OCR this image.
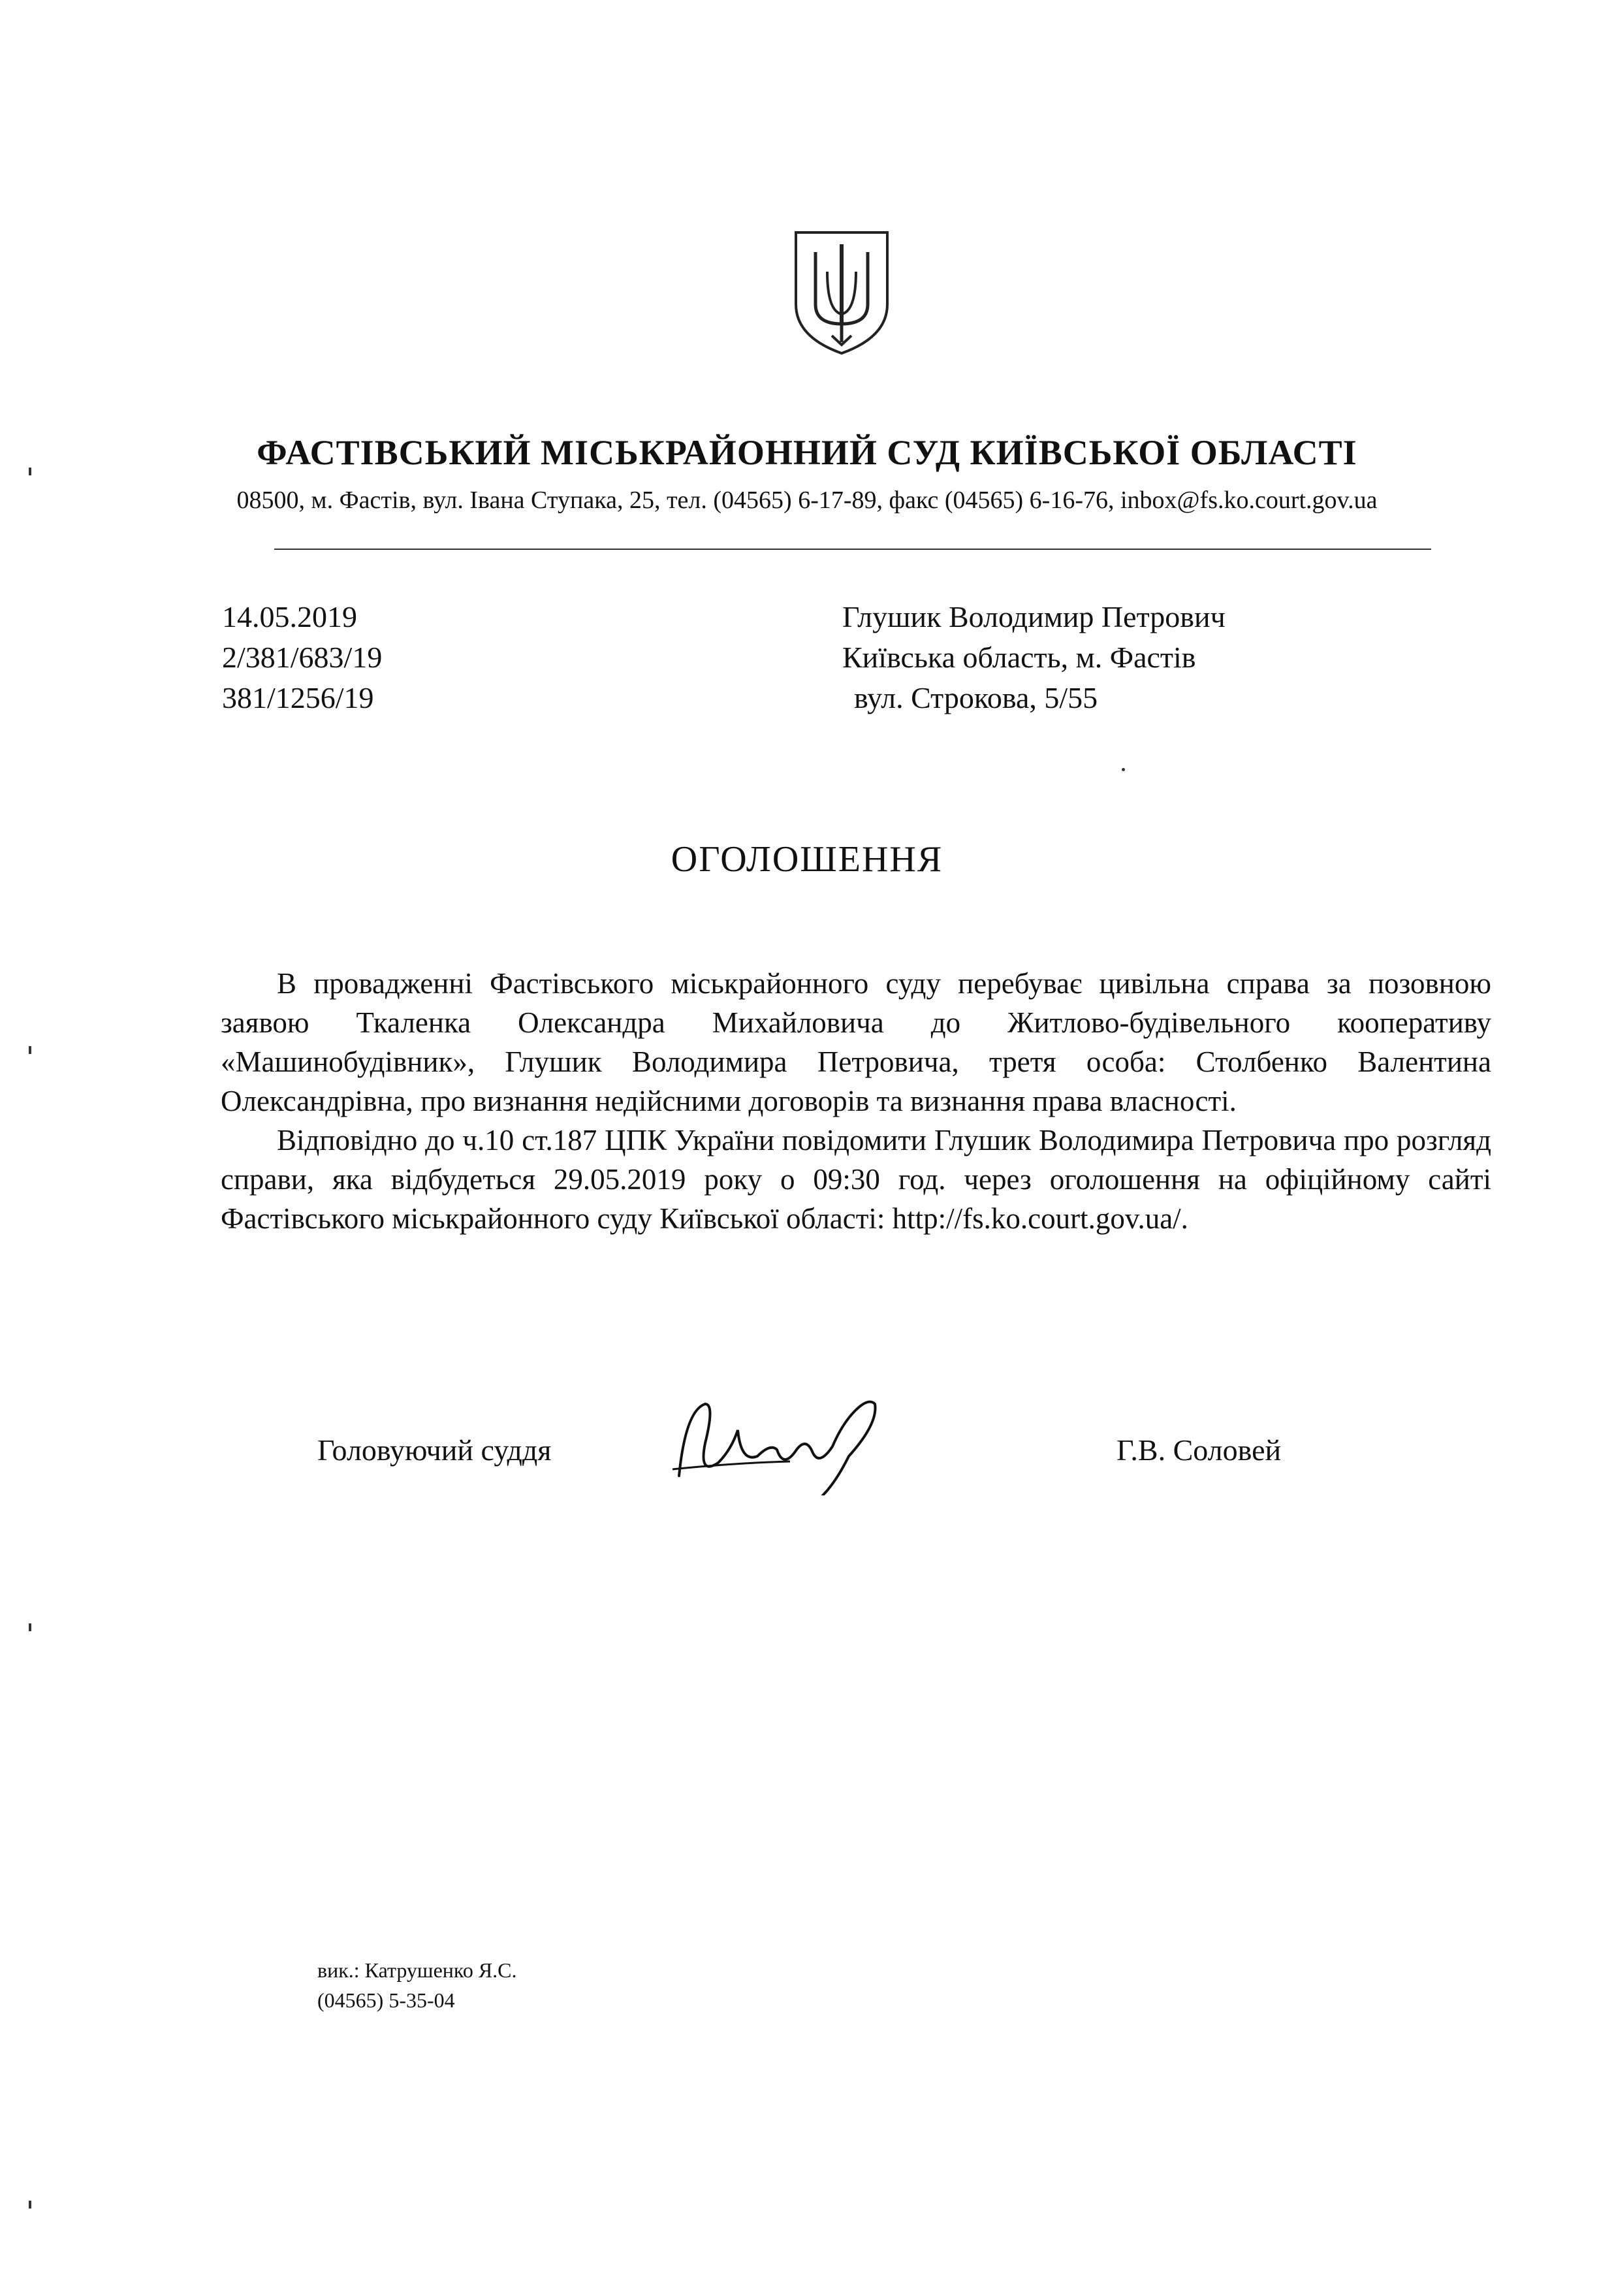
ФАСТІВСЬКИЙ МІСЬКРАЙОННИЙ СУД КИЇВСЬКОЇ ОБЛАСТІ
08500, м. Фастів, вул. Івана Ступака, 25, тел. (04565) 6-17-89, факс (04565) 6-16-76, inbox@fs.ko.court.gov.ua
14.05.2019
2/381/683/19
381/1256/19
Глушик Володимир Петрович
Київська область, м. Фастів
вул. Строкова, 5/55
ОГОЛОШЕННЯ

В провадженні Фастівського міськрайонного суду перебуває цивільна справа за позовною заявою Ткаленка Олександра Михайловича до Житлово-будівельного кооперативу «Машинобудівник», Глушик Володимира Петровича, третя особа: Столбенко Валентина Олександрівна, про визнання недійсними договорів та визнання права власності.

Відповідно до ч.10 ст.187 ЦПК України повідомити Глушик Володимира Петровича про розгляд справи, яка відбудеться 29.05.2019 року о 09:30 год. через оголошення на офіційному сайті Фастівського міськрайонного суду Київської області: http://fs.ko.court.gov.ua/.

Головуючий суддя	Г.В. Соловей
вик.: Катрушенко Я.С.
(04565) 5-35-04
